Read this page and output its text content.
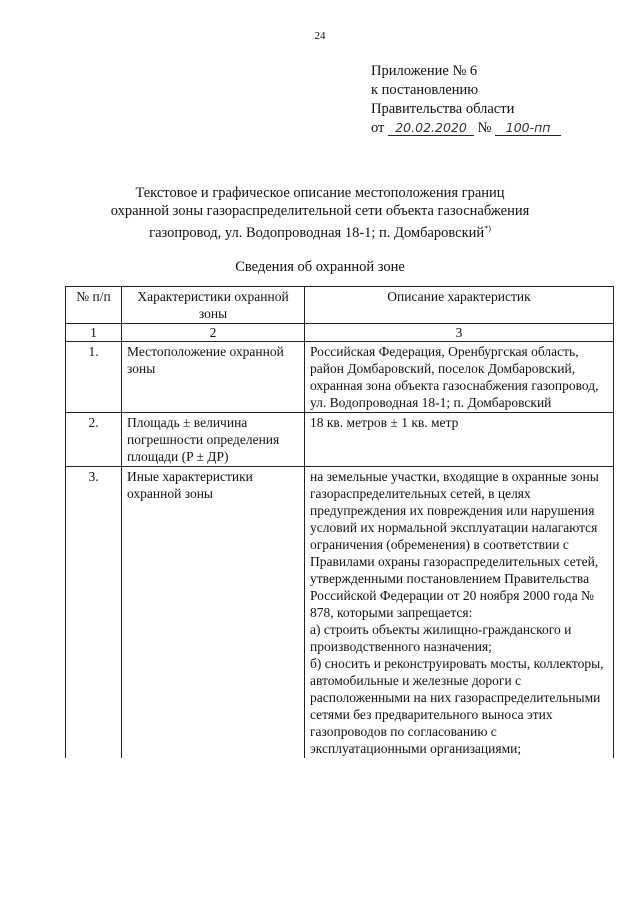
24
Приложение № 6
к постановлению
Правительства области
от 20.02.2020 № 100-пп
Текстовое и графическое описание местоположения границ
охранной зоны газораспределительной сети объекта газоснабжения
газопровод, ул. Водопроводная 18-1; п. Домбаровский*)
Сведения об охранной зоне
№ п/п	Характеристики охранной зоны	Описание характеристик
1	2	3
1.	Местоположение охранной зоны	Российская Федерация, Оренбургская область, район Домбаровский, поселок Домбаровский, охранная зона объекта газоснабжения газопровод, ул. Водопроводная 18-1; п. Домбаровский
2.	Площадь ± величина погрешности определения площади (P ± ДР)	18 кв. метров ± 1 кв. метр
3.	Иные характеристики охранной зоны	на земельные участки, входящие в охранные зоны газораспределительных сетей, в целях предупреждения их повреждения или нарушения условий их нормальной эксплуатации налагаются ограничения (обременения) в соответствии с Правилами охраны газораспределительных сетей, утвержденными постановлением Правительства Российской Федерации от 20 ноября 2000 года № 878, которыми запрещается:
а) строить объекты жилищно-гражданского и производственного назначения;
б) сносить и реконструировать мосты, коллекторы, автомобильные и железные дороги с расположенными на них газораспределительными сетями без предварительного выноса этих газопроводов по согласованию с эксплуатационными организациями;
